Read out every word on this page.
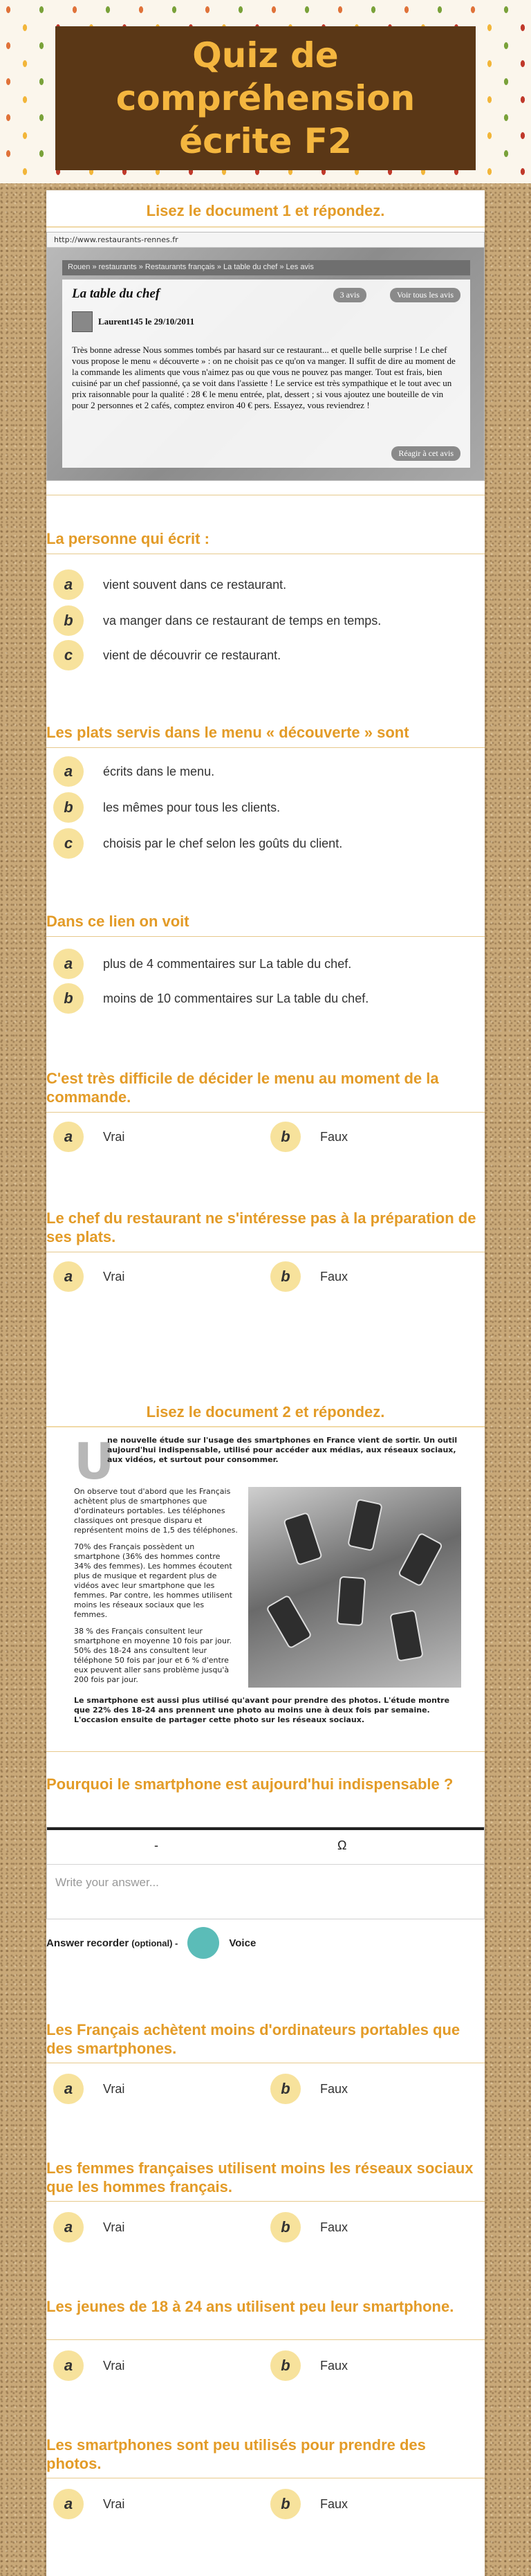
Quiz de compréhension écrite F2
Lisez le document 1 et répondez.
http://www.restaurants-rennes.fr
Rouen » restaurants » Restaurants français » La table du chef » Les avis
La table du chef	3 avis	Voir tous les avis
Laurent145 le 29/10/2011
Très bonne adresse Nous sommes tombés par hasard sur ce restaurant... et quelle belle surprise ! Le chef vous propose le menu « découverte » : on ne choisit pas ce qu'on va manger. Il suffit de dire au moment de la commande les aliments que vous n'aimez pas ou que vous ne pouvez pas manger. Tout est frais, bien cuisiné par un chef passionné, ça se voit dans l'assiette ! Le service est très sympathique et le tout avec un prix raisonnable pour la qualité : 28 € le menu entrée, plat, dessert ; si vous ajoutez une bouteille de vin pour 2 personnes et 2 cafés, comptez environ 40 € pers. Essayez, vous reviendrez !
Réagir à cet avis
La personne qui écrit :
a	vient souvent dans ce restaurant.
b	va manger dans ce restaurant de temps en temps.
c	vient de découvrir ce restaurant.
Les plats servis dans le menu « découverte » sont
a	écrits dans le menu.
b	les mêmes pour tous les clients.
c	choisis par le chef selon les goûts du client.
Dans ce lien on voit
a	plus de 4 commentaires sur La table du chef.
b	moins de 10 commentaires sur La table du chef.
C'est très difficile de décider le menu au moment de la commande.
a	Vrai	b	Faux
Le chef du restaurant ne s'intéresse pas à la préparation de ses plats.
a	Vrai	b	Faux
Lisez le document 2 et répondez.
U
ne nouvelle étude sur l'usage des smartphones en France vient de sortir. Un outil aujourd'hui indispensable, utilisé pour accéder aux médias, aux réseaux sociaux, aux vidéos, et surtout pour consommer.

On observe tout d'abord que les Français achètent plus de smartphones que d'ordinateurs portables. Les téléphones classiques ont presque disparu et représentent moins de 1,5 des téléphones.

70% des Français possèdent un smartphone (36% des hommes contre 34% des femmes). Les hommes écoutent plus de musique et regardent plus de vidéos avec leur smartphone que les femmes. Par contre, les hommes utilisent moins les réseaux sociaux que les femmes.

38 % des Français consultent leur smartphone en moyenne 10 fois par jour. 50% des 18-24 ans consultent leur téléphone 50 fois par jour et 6 % d'entre eux peuvent aller sans problème jusqu'à 200 fois par jour.

Le smartphone est aussi plus utilisé qu'avant pour prendre des photos. L'étude montre que 22% des 18-24 ans prennent une photo au moins une à deux fois par semaine. L'occasion ensuite de partager cette photo sur les réseaux sociaux.
Pourquoi le smartphone est aujourd'hui indispensable ?
-	Ω
Write your answer...
Answer recorder (optional) -	Voice
Les Français achètent moins d'ordinateurs portables que des smartphones.
a	Vrai	b	Faux
Les femmes françaises utilisent moins les réseaux sociaux que les hommes français.
a	Vrai	b	Faux
Les jeunes de 18 à 24 ans utilisent peu leur smartphone.
a	Vrai	b	Faux
Les smartphones sont peu utilisés pour prendre des photos.
a	Vrai	b	Faux
